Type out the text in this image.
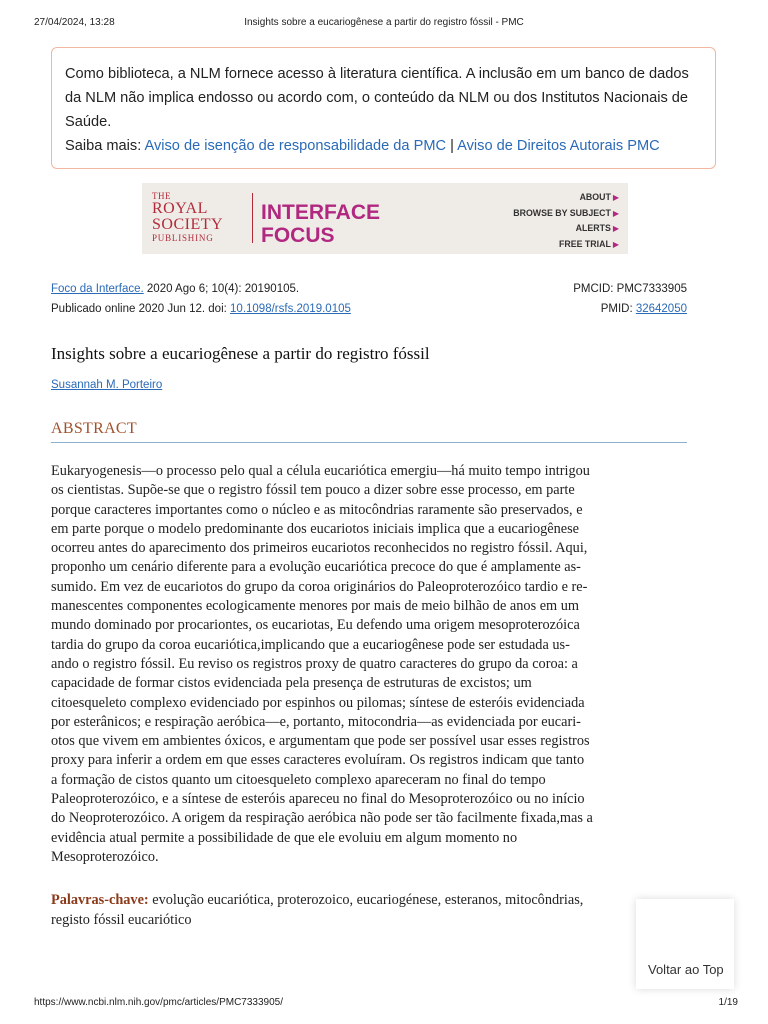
27/04/2024, 13:28	Insights sobre a eucariogênese a partir do registro fóssil - PMC
Como biblioteca, a NLM fornece acesso à literatura científica. A inclusão em um banco de dados da NLM não implica endosso ou acordo com, o conteúdo da NLM ou dos Institutos Nacionais de Saúde.
Saiba mais: Aviso de isenção de responsabilidade da PMC | Aviso de Direitos Autorais PMC
THE
ROYAL
SOCIETY
PUBLISHING
INTERFACE
FOCUS
ABOUT ▶
BROWSE BY SUBJECT ▶
ALERTS ▶
FREE TRIAL ▶
Foco da Interface. 2020 Ago 6; 10(4): 20190105.
Publicado online 2020 Jun 12. doi: 10.1098/rsfs.2019.0105
PMCID: PMC7333905
PMID: 32642050
Insights sobre a eucariogênese a partir do registro fóssil
Susannah M. Porteiro
ABSTRACT
Eukaryogenesis—o processo pelo qual a célula eucariótica emergiu—há muito tempo intrigou
os cientistas. Supõe-se que o registro fóssil tem pouco a dizer sobre esse processo, em parte
porque caracteres importantes como o núcleo e as mitocôndrias raramente são preservados, e
em parte porque o modelo predominante dos eucariotos iniciais implica que a eucariogênese
ocorreu antes do aparecimento dos primeiros eucariotos reconhecidos no registro fóssil. Aqui,
proponho um cenário diferente para a evolução eucariótica precoce do que é amplamente as-
sumido. Em vez de eucariotos do grupo da coroa originários do Paleoproterozóico tardio e re-
manescentes componentes ecologicamente menores por mais de meio bilhão de anos em um
mundo dominado por procariontes, os eucariotas, Eu defendo uma origem mesoproterozóica
tardia do grupo da coroa eucariótica,implicando que a eucariogênese pode ser estudada us-
ando o registro fóssil. Eu reviso os registros proxy de quatro caracteres do grupo da coroa: a
capacidade de formar cistos evidenciada pela presença de estruturas de excistos; um
citoesqueleto complexo evidenciado por espinhos ou pilomas; síntese de esteróis evidenciada
por esterânicos; e respiração aeróbica—e, portanto, mitocondria—as evidenciada por eucari-
otos que vivem em ambientes óxicos, e argumentam que pode ser possível usar esses registros
proxy para inferir a ordem em que esses caracteres evoluíram. Os registros indicam que tanto
a formação de cistos quanto um citoesqueleto complexo apareceram no final do tempo
Paleoproterozóico, e a síntese de esteróis apareceu no final do Mesoproterozóico ou no início
do Neoproterozóico. A origem da respiração aeróbica não pode ser tão facilmente fixada,mas a
evidência atual permite a possibilidade de que ele evoluiu em algum momento no
Mesoproterozóico.
Palavras-chave: evolução eucariótica, proterozoico, eucariogénese, esteranos, mitocôndrias,
registo fóssil eucariótico
Voltar ao Top
https://www.ncbi.nlm.nih.gov/pmc/articles/PMC7333905/	1/19
